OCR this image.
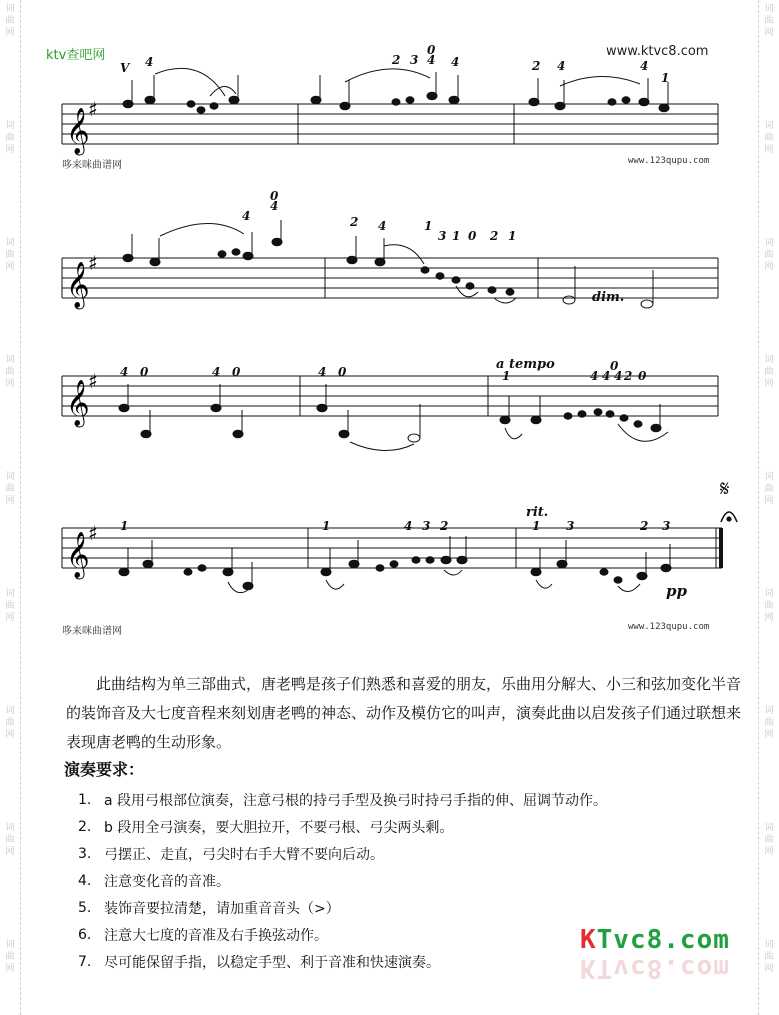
词
曲
网
词
曲
网
词
曲
网
词
曲
网
词
曲
网
词
曲
网
词
曲
网
词
曲
网
词
曲
网
词
曲
网
词
曲
网
词
曲
网
词
曲
网
词
曲
网
词
曲
网
词
曲
网
词
曲
网
词
曲
网
ktv查吧网	www.ktvc8.com
𝄞
♯
V 4	2 3 4
0
4	2 4	4
1
哆来咪曲谱网	www.123qupu.com
𝄞
♯
4
0
4
2 4	1
3 1 0 2 1
dim.
𝄞
♯
a tempo
4 0	4 0	4 0	1	4 4 4 2
0
0
𝄞
♯
rit.
1	1	4 3 2	1 3	2 3
pp
𝄋
哆来咪曲谱网	www.123qupu.com

此曲结构为单三部曲式，唐老鸭是孩子们熟悉和喜爱的朋友，乐曲用分解大、小三和弦加变化半音的装饰音及大七度音程来刻划唐老鸭的神态、动作及模仿它的叫声，演奏此曲以启发孩子们通过联想来表现唐老鸭的生动形象。

演奏要求：
1. a 段用弓根部位演奏，注意弓根的持弓手型及换弓时持弓手指的伸、屈调节动作。
2. b 段用全弓演奏，要大胆拉开，不要弓根、弓尖两头剩。
3. 弓摆正、走直，弓尖时右手大臂不要向后动。
4. 注意变化音的音准。
5. 装饰音要拉清楚，请加重音音头（>）
6. 注意大七度的音准及右手换弦动作。
7. 尽可能保留手指，以稳定手型、利于音准和快速演奏。
KTvc8.com
KTvc8.com
